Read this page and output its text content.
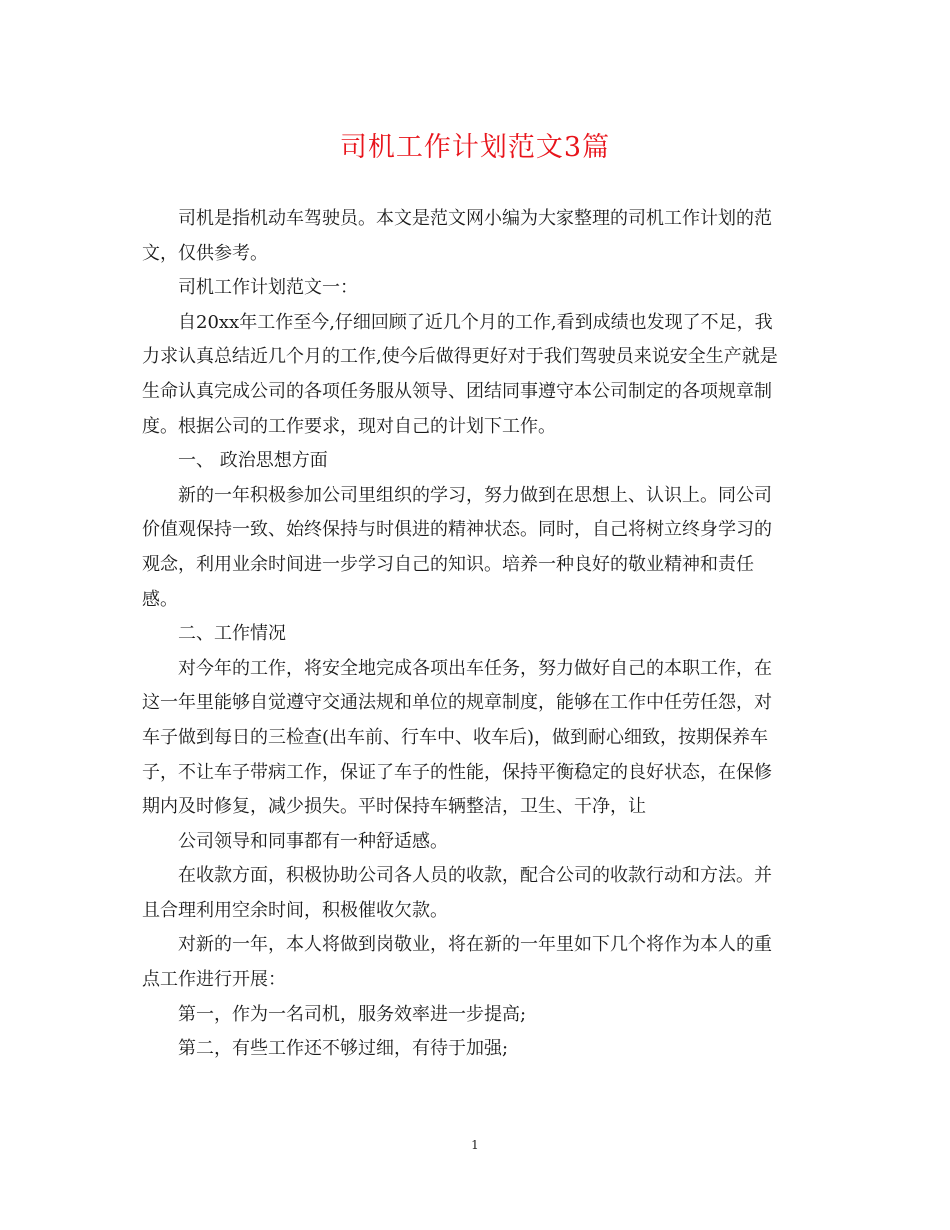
司机工作计划范文3篇
司机是指机动车驾驶员。本文是范文网小编为大家整理的司机工作计划的范
文，仅供参考。
司机工作计划范文一：
自20xx年工作至今,仔细回顾了近几个月的工作,看到成绩也发现了不足，我
力求认真总结近几个月的工作,使今后做得更好对于我们驾驶员来说安全生产就是
生命认真完成公司的各项任务服从领导、团结同事遵守本公司制定的各项规章制
度。根据公司的工作要求，现对自己的计划下工作。
一、 政治思想方面
新的一年积极参加公司里组织的学习，努力做到在思想上、认识上。同公司
价值观保持一致、始终保持与时俱进的精神状态。同时，自己将树立终身学习的
观念，利用业余时间进一步学习自己的知识。培养一种良好的敬业精神和责任
感。
二、工作情况
对今年的工作，将安全地完成各项出车任务，努力做好自己的本职工作，在
这一年里能够自觉遵守交通法规和单位的规章制度，能够在工作中任劳任怨，对
车子做到每日的三检查(出车前、行车中、收车后)，做到耐心细致，按期保养车
子，不让车子带病工作，保证了车子的性能，保持平衡稳定的良好状态，在保修
期内及时修复，减少损失。平时保持车辆整洁，卫生、干净，让
公司领导和同事都有一种舒适感。
在收款方面，积极协助公司各人员的收款，配合公司的收款行动和方法。并
且合理利用空余时间，积极催收欠款。
对新的一年，本人将做到岗敬业，将在新的一年里如下几个将作为本人的重
点工作进行开展：
第一，作为一名司机，服务效率进一步提高;
第二，有些工作还不够过细，有待于加强;
1
